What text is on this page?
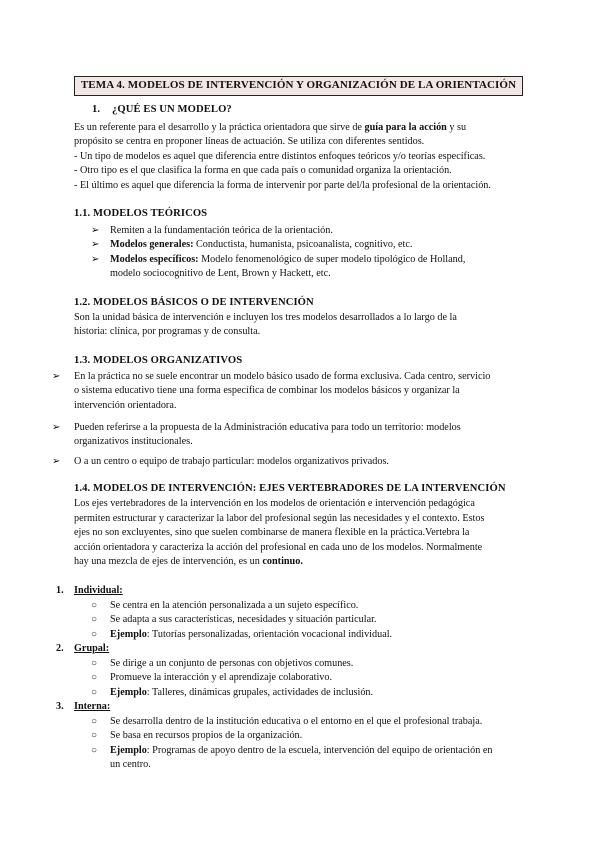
TEMA 4. MODELOS DE INTERVENCIÓN Y ORGANIZACIÓN DE LA ORIENTACIÓN
1. ¿QUÉ ES UN MODELO?
Es un referente para el desarrollo y la práctica orientadora que sirve de guía para la acción y su
propósito se centra en proponer líneas de actuación. Se utiliza con diferentes sentidos.
- Un tipo de modelos es aquel que diferencia entre distintos enfoques teóricos y/o teorías específicas.
- Otro tipo es el que clasifica la forma en que cada país o comunidad organiza la orientación.
- El último es aquel que diferencia la forma de intervenir por parte del/la profesional de la orientación.
1.1. MODELOS TEÓRICOS
➢ Remiten a la fundamentación teórica de la orientación.
➢ Modelos generales: Conductista, humanista, psicoanalista, cognitivo, etc.
➢ Modelos específicos: Modelo fenomenológico de super modelo tipológico de Holland,
modelo sociocognitivo de Lent, Brown y Hackett, etc.
1.2. MODELOS BÁSICOS O DE INTERVENCIÓN
Son la unidad básica de intervención e incluyen los tres modelos desarrollados a lo largo de la
historia: clínica, por programas y de consulta.
1.3. MODELOS ORGANIZATIVOS
➢ En la práctica no se suele encontrar un modelo básico usado de forma exclusiva. Cada centro, servicio
o sistema educativo tiene una forma específica de combinar los modelos básicos y organizar la
intervención orientadora.
➢ Pueden referirse a la propuesta de la Administración educativa para todo un territorio: modelos
organizativos institucionales.
➢ O a un centro o equipo de trabajo particular: modelos organizativos privados.
1.4. MODELOS DE INTERVENCIÓN: EJES VERTEBRADORES DE LA INTERVENCIÓN
Los ejes vertebradores de la intervención en los modelos de orientación e intervención pedagógica
permiten estructurar y caracterizar la labor del profesional según las necesidades y el contexto. Estos
ejes no son excluyentes, sino que suelen combinarse de manera flexible en la práctica.Vertebra la
acción orientadora y caracteriza la acción del profesional en cada uno de los modelos. Normalmente
hay una mezcla de ejes de intervención, es un continuo.
1. Individual:
○ Se centra en la atención personalizada a un sujeto específico.
○ Se adapta a sus características, necesidades y situación particular.
○ Ejemplo: Tutorías personalizadas, orientación vocacional individual.
2. Grupal:
○ Se dirige a un conjunto de personas con objetivos comunes.
○ Promueve la interacción y el aprendizaje colaborativo.
○ Ejemplo: Talleres, dinámicas grupales, actividades de inclusión.
3. Interna:
○ Se desarrolla dentro de la institución educativa o el entorno en el que el profesional trabaja.
○ Se basa en recursos propios de la organización.
○ Ejemplo: Programas de apoyo dentro de la escuela, intervención del equipo de orientación en
un centro.
